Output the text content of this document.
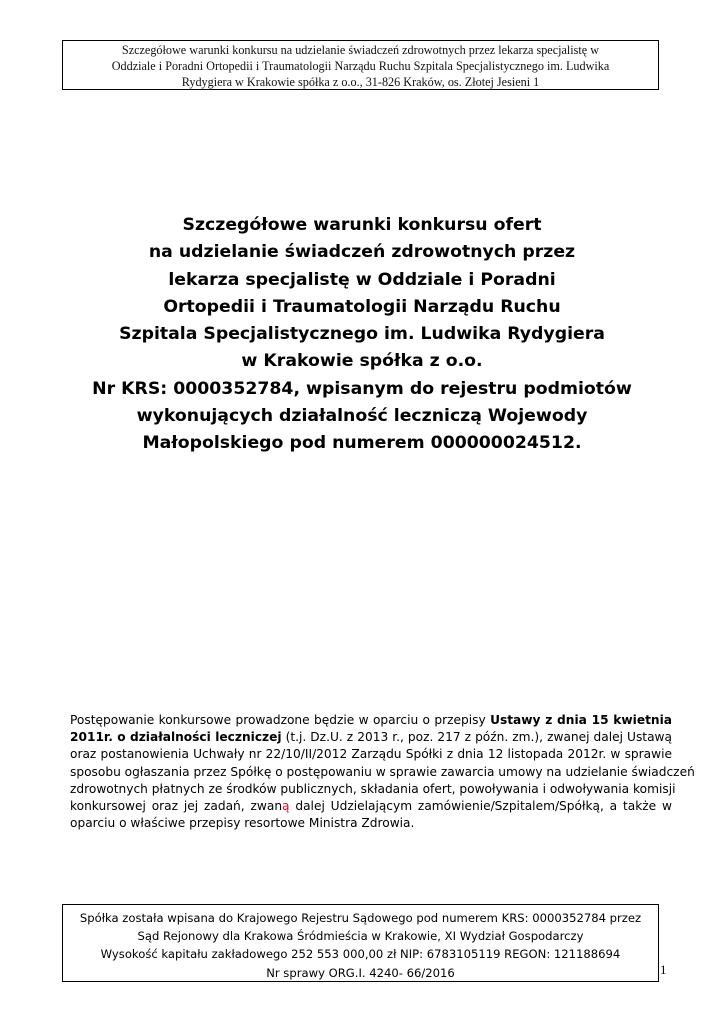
Szczegółowe warunki konkursu na udzielanie świadczeń zdrowotnych przez lekarza specjalistę w
Oddziale i Poradni Ortopedii i Traumatologii Narządu Ruchu Szpitala Specjalistycznego im. Ludwika
Rydygiera w Krakowie spółka z o.o., 31-826 Kraków, os. Złotej Jesieni 1
Szczegółowe warunki konkursu ofert
na udzielanie świadczeń zdrowotnych przez
lekarza specjalistę w Oddziale i Poradni
Ortopedii i Traumatologii Narządu Ruchu
Szpitala Specjalistycznego im. Ludwika Rydygiera
w Krakowie spółka z o.o.
Nr KRS: 0000352784, wpisanym do rejestru podmiotów
wykonujących działalność leczniczą Wojewody
Małopolskiego pod numerem 000000024512.
Postępowanie konkursowe prowadzone będzie w oparciu o przepisy Ustawy z dnia 15 kwietnia
2011r. o działalności leczniczej (t.j. Dz.U. z 2013 r., poz. 217 z późn. zm.), zwanej dalej Ustawą
oraz postanowienia Uchwały nr 22/10/II/2012 Zarządu Spółki z dnia 12 listopada 2012r. w sprawie
sposobu ogłaszania przez Spółkę o postępowaniu w sprawie zawarcia umowy na udzielanie świadczeń
zdrowotnych płatnych ze środków publicznych, składania ofert, powoływania i odwoływania komisji
konkursowej oraz jej zadań, zwaną dalej Udzielającym zamówienie/Szpitalem/Spółką, a także w
oparciu o właściwe przepisy resortowe Ministra Zdrowia.
Spółka została wpisana do Krajowego Rejestru Sądowego pod numerem KRS: 0000352784 przez
Sąd Rejonowy dla Krakowa Śródmieścia w Krakowie, XI Wydział Gospodarczy
Wysokość kapitału zakładowego 252 553 000,00 zł NIP: 6783105119 REGON: 121188694
Nr sprawy ORG.I. 4240- 66/2016	1
